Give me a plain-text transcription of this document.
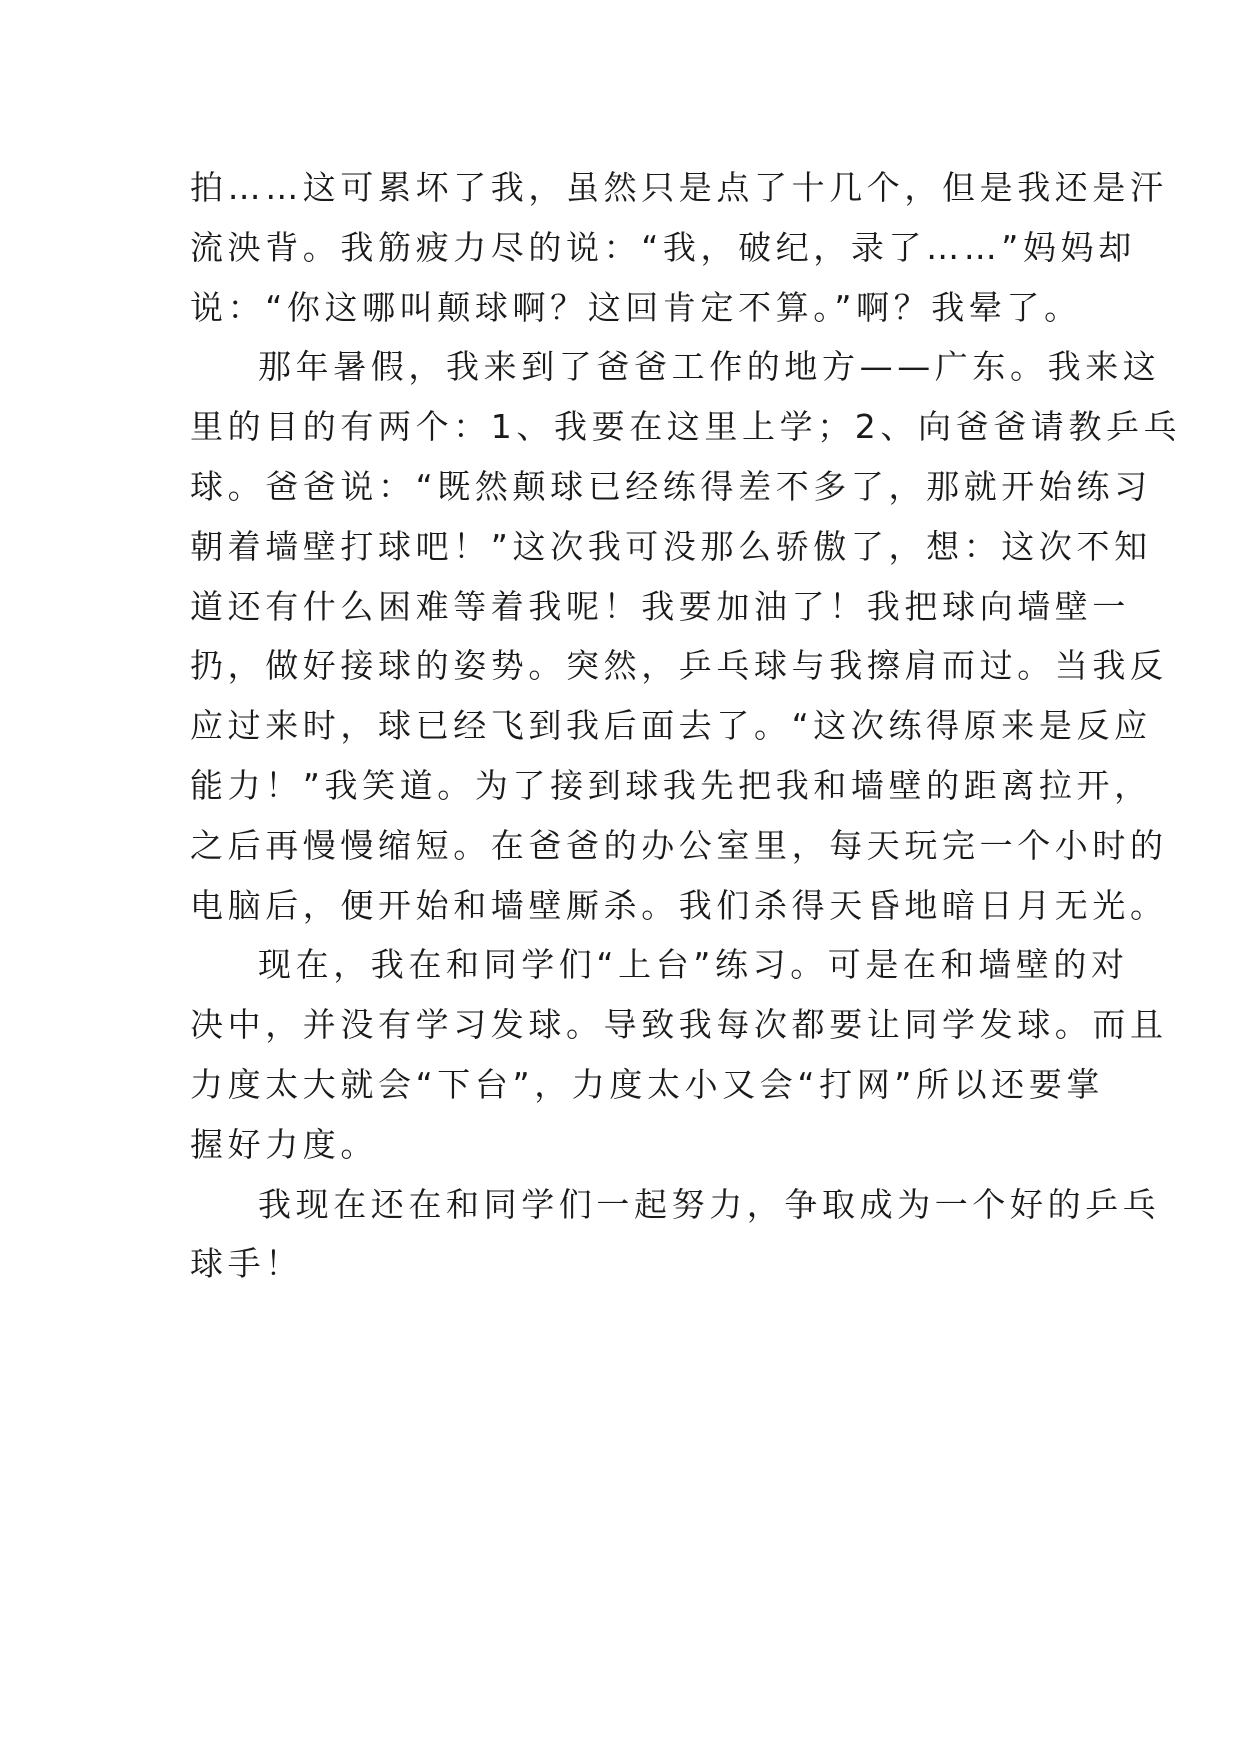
拍……这可累坏了我，虽然只是点了十几个，但是我还是汗
流泱背。我筋疲力尽的说：“我，破纪，录了……”妈妈却
说：“你这哪叫颠球啊？这回肯定不算。”啊？我晕了。
那年暑假，我来到了爸爸工作的地方——广东。我来这
里的目的有两个：1、我要在这里上学；2、向爸爸请教乒乓
球。爸爸说：“既然颠球已经练得差不多了，那就开始练习
朝着墙壁打球吧！”这次我可没那么骄傲了，想：这次不知
道还有什么困难等着我呢！我要加油了！我把球向墙壁一
扔，做好接球的姿势。突然，乒乓球与我擦肩而过。当我反
应过来时，球已经飞到我后面去了。“这次练得原来是反应
能力！”我笑道。为了接到球我先把我和墙壁的距离拉开，
之后再慢慢缩短。在爸爸的办公室里，每天玩完一个小时的
电脑后，便开始和墙壁厮杀。我们杀得天昏地暗日月无光。
现在，我在和同学们“上台”练习。可是在和墙壁的对
决中，并没有学习发球。导致我每次都要让同学发球。而且
力度太大就会“下台”，力度太小又会“打网”所以还要掌
握好力度。
我现在还在和同学们一起努力，争取成为一个好的乒乓
球手！
